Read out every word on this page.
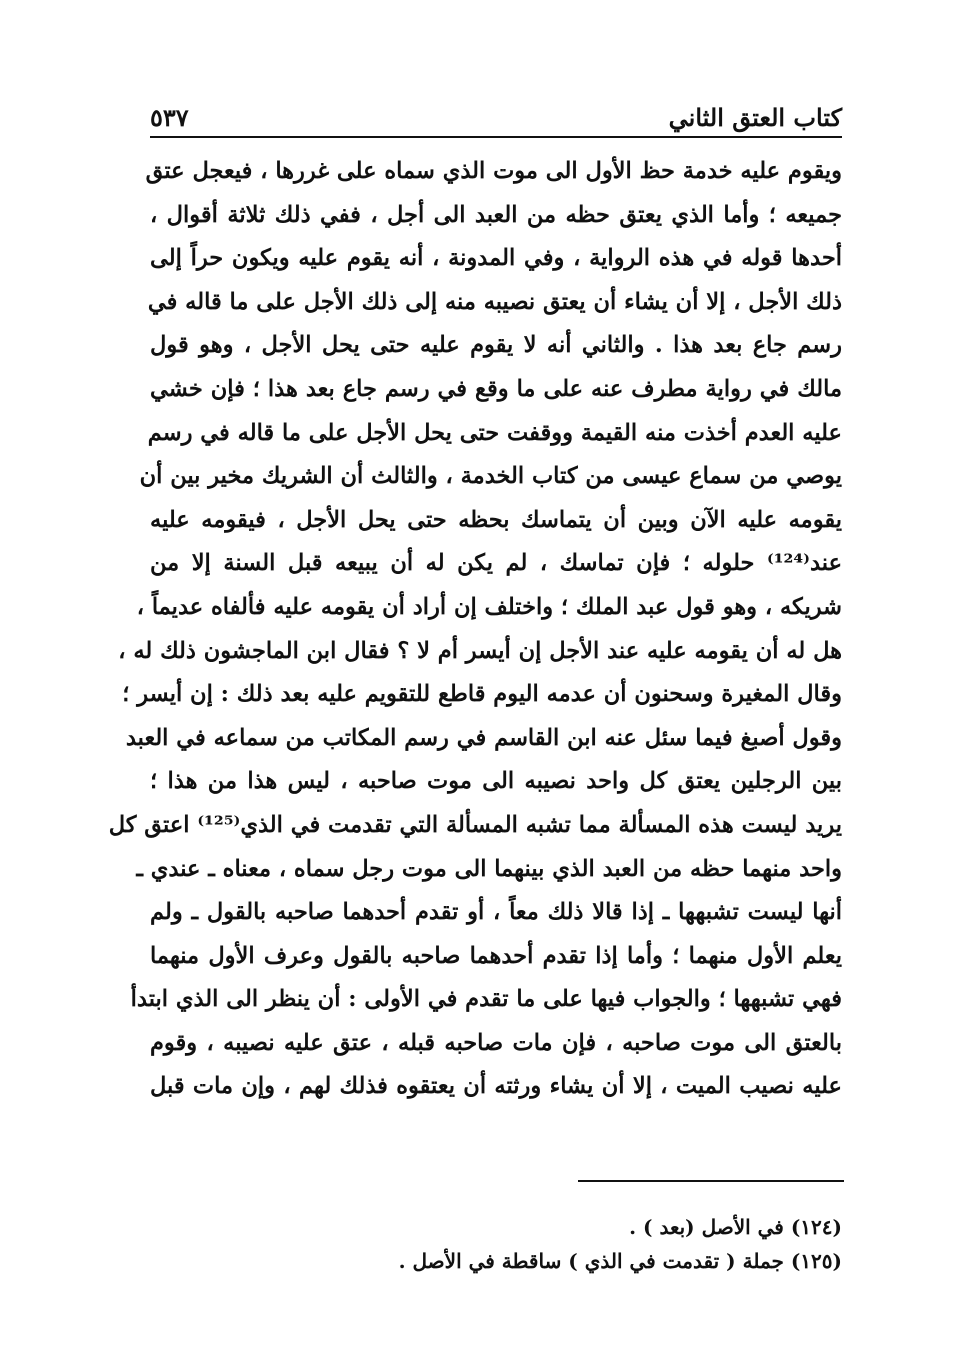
كتاب العتق الثاني
٥٣٧
ويقوم عليه خدمة حظ الأول الى موت الذي سماه على غررها ، فيعجل عتق
جميعه ؛ وأما الذي يعتق حظه من العبد الى أجل ، ففي ذلك ثلاثة أقوال ،
أحدها قوله في هذه الرواية ، وفي المدونة ، أنه يقوم عليه ويكون حراً إلى
ذلك الأجل ، إلا أن يشاء أن يعتق نصيبه منه إلى ذلك الأجل على ما قاله في
رسم جاع بعد هذا . والثاني أنه لا يقوم عليه حتى يحل الأجل ، وهو قول
مالك في رواية مطرف عنه على ما وقع في رسم جاع بعد هذا ؛ فإن خشي
عليه العدم أخذت منه القيمة ووقفت حتى يحل الأجل على ما قاله في رسم
يوصي من سماع عيسى من كتاب الخدمة ، والثالث أن الشريك مخير بين أن
يقومه عليه الآن وبين أن يتماسك بحظه حتى يحل الأجل ، فيقومه عليه
عند⁽¹²⁴⁾ حلوله ؛ فإن تماسك ، لم يكن له أن يبيعه قبل السنة إلا من
شريكه ، وهو قول عبد الملك ؛ واختلف إن أراد أن يقومه عليه فألفاه عديماً ،
هل له أن يقومه عليه عند الأجل إن أيسر أم لا ؟ فقال ابن الماجشون ذلك له ،
وقال المغيرة وسحنون أن عدمه اليوم قاطع للتقويم عليه بعد ذلك : إن أيسر ؛
وقول أصبغ فيما سئل عنه ابن القاسم في رسم المكاتب من سماعه في العبد
بين الرجلين يعتق كل واحد نصيبه الى موت صاحبه ، ليس هذا من هذا ؛
يريد ليست هذه المسألة مما تشبه المسألة التي تقدمت في الذي⁽¹²⁵⁾ اعتق كل
واحد منهما حظه من العبد الذي بينهما الى موت رجل سماه ، معناه ـ عندي ـ
أنها ليست تشبهها ـ إذا قالا ذلك معاً ، أو تقدم أحدهما صاحبه بالقول ـ ولم
يعلم الأول منهما ؛ وأما إذا تقدم أحدهما صاحبه بالقول وعرف الأول منهما
فهي تشبهها ؛ والجواب فيها على ما تقدم في الأولى : أن ينظر الى الذي ابتدأ
بالعتق الى موت صاحبه ، فإن مات صاحبه قبله ، عتق عليه نصيبه ، وقوم
عليه نصيب الميت ، إلا أن يشاء ورثته أن يعتقوه فذلك لهم ، وإن مات قبل
(١٢٤) في الأصل (بعد ) .
(١٢٥) جملة ( تقدمت في الذي ) ساقطة في الأصل .
